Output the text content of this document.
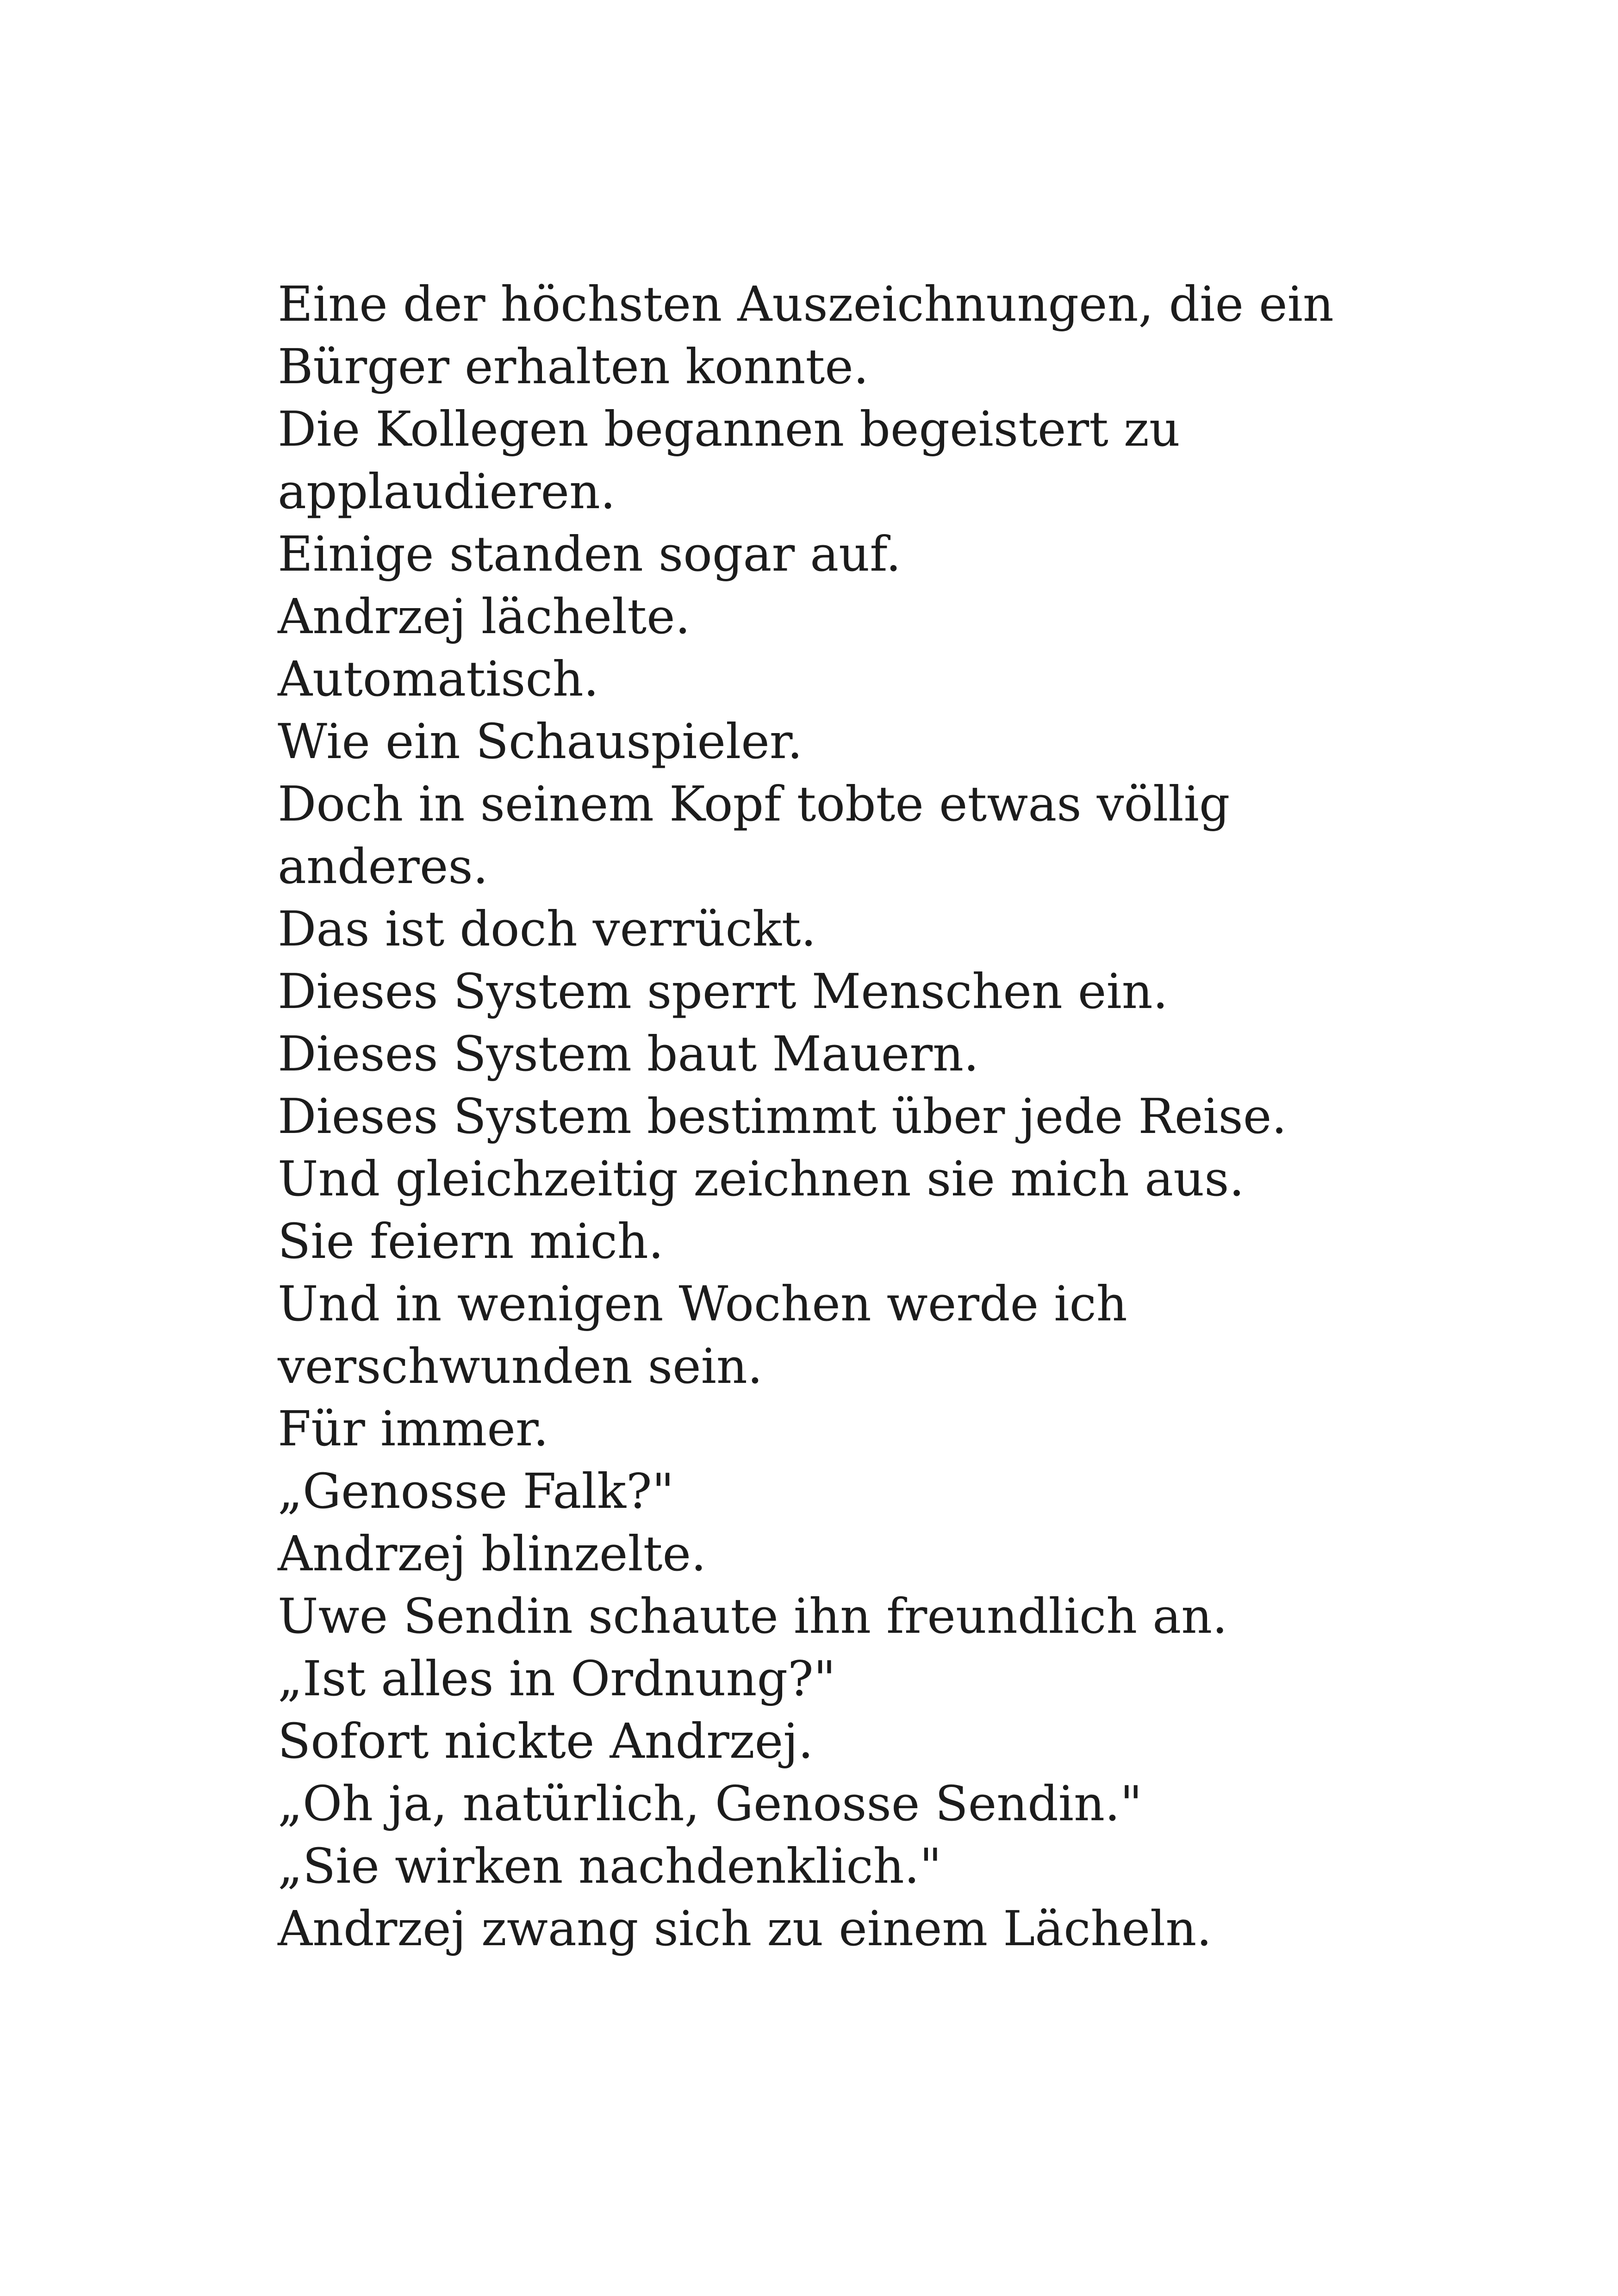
Eine der höchsten Auszeichnungen, die ein
Bürger erhalten konnte.
Die Kollegen begannen begeistert zu
applaudieren.
Einige standen sogar auf.
Andrzej lächelte.
Automatisch.
Wie ein Schauspieler.
Doch in seinem Kopf tobte etwas völlig
anderes.
Das ist doch verrückt.
Dieses System sperrt Menschen ein.
Dieses System baut Mauern.
Dieses System bestimmt über jede Reise.
Und gleichzeitig zeichnen sie mich aus.
Sie feiern mich.
Und in wenigen Wochen werde ich
verschwunden sein.
Für immer.
„Genosse Falk?"
Andrzej blinzelte.
Uwe Sendin schaute ihn freundlich an.
„Ist alles in Ordnung?"
Sofort nickte Andrzej.
„Oh ja, natürlich, Genosse Sendin."
„Sie wirken nachdenklich."
Andrzej zwang sich zu einem Lächeln.
